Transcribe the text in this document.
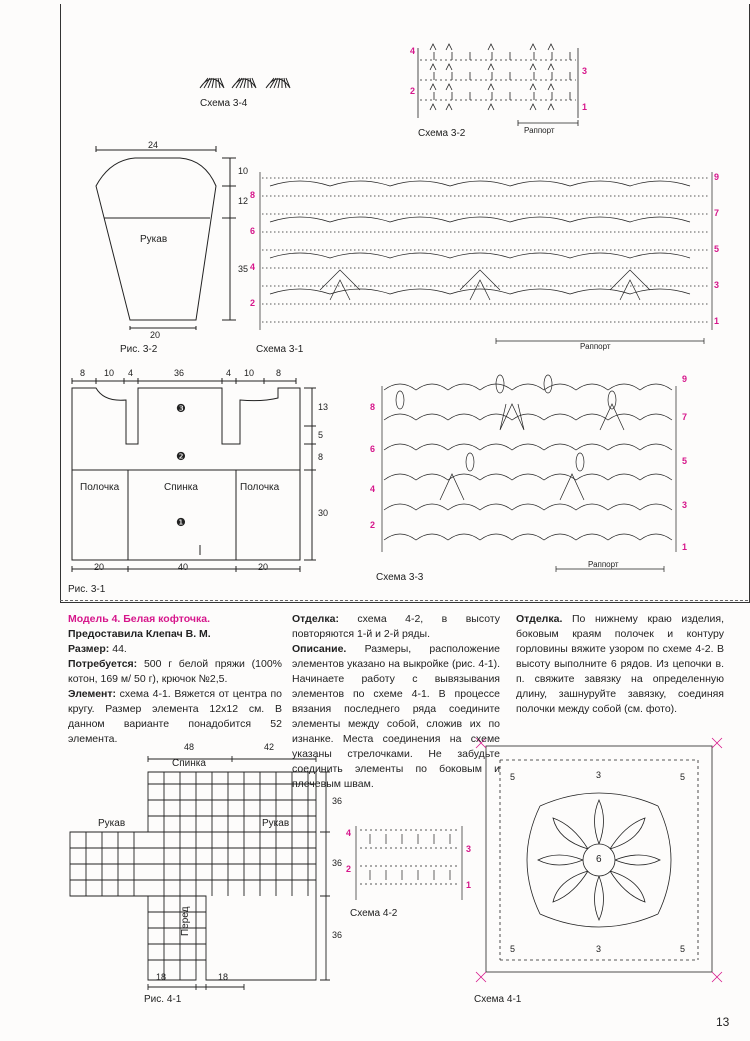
Схема 3-4
4
2
3
1
Схема 3-2	Раппорт
24
20
10
12
35
Рукав
Рис. 3-2
8
6
4
2
9
7
5
3
1
Схема 3-1	Раппорт
8 10 4	36	4 10 8
13
5
8
30
20	40	20
Полочка	Спинка	Полочка
❸
❷
❶
Рис. 3-1
8
6
4
2
9
7
5
3
1
Схема 3-3
Раппорт

Модель 4. Белая кофточка.

Предоставила Клепач В. М.

Размер: 44.

Потребуется: 500 г белой пряжи (100% котон, 169 м/ 50 г), крючок №2,5.

Элемент: схема 4-1. Вяжется от центра по кругу. Размер элемента 12x12 см. В данном варианте понадобится 52 элемента.

Отделка: схема 4-2, в высоту повторяются 1-й и 2-й ряды.

Описание. Размеры, расположение элементов указано на выкройке (рис. 4-1). Начинаете работу с вывязывания элементов по схеме 4-1. В процессе вязания последнего ряда соедините элементы между собой, сложив их по изнанке. Места соединения на схеме указаны стрелочками. Не забудьте соединить элементы по боковым и плечевым швам.

Отделка. По нижнему краю изделия, боковым краям полочек и контуру горловины вяжите узором по схеме 4-2. В высоту выполните 6 рядов. Из цепочки в. п. свяжите завязку на определенную длину, зашнуруйте завязку, соединяя полочки между собой (см. фото).

48	42
36
36
36
18	18
Спинка
Рукав	Рукав
Перед
Рис. 4-1
4
2
3
1
Схема 4-2
6
5	5
5	5
3
3
Схема 4-1
13
